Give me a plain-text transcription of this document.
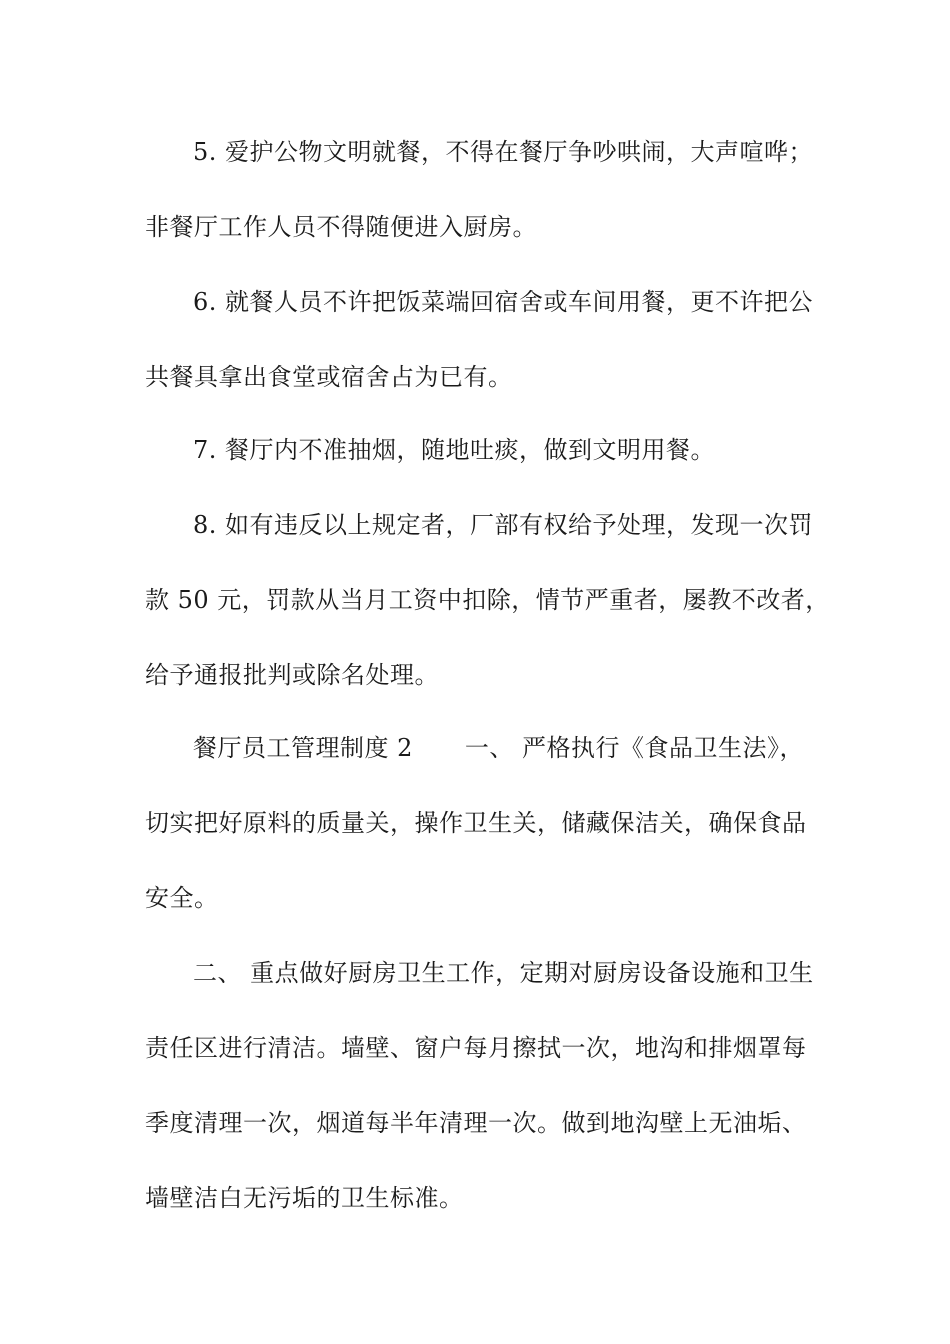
5. 爱护公物文明就餐，不得在餐厅争吵哄闹，大声喧哗；
非餐厅工作人员不得随便进入厨房。
6. 就餐人员不许把饭菜端回宿舍或车间用餐，更不许把公
共餐具拿出食堂或宿舍占为已有。
7. 餐厅内不准抽烟，随地吐痰，做到文明用餐。
8. 如有违反以上规定者，厂部有权给予处理，发现一次罚
款 50 元，罚款从当月工资中扣除，情节严重者，屡教不改者，
给予通报批判或除名处理。
餐厅员工管理制度 2 一、 严格执行《食品卫生法》，
切实把好原料的质量关，操作卫生关，储藏保洁关，确保食品
安全。
二、 重点做好厨房卫生工作，定期对厨房设备设施和卫生
责任区进行清洁。墙壁、窗户每月擦拭一次，地沟和排烟罩每
季度清理一次，烟道每半年清理一次。做到地沟壁上无油垢、
墙壁洁白无污垢的卫生标准。
